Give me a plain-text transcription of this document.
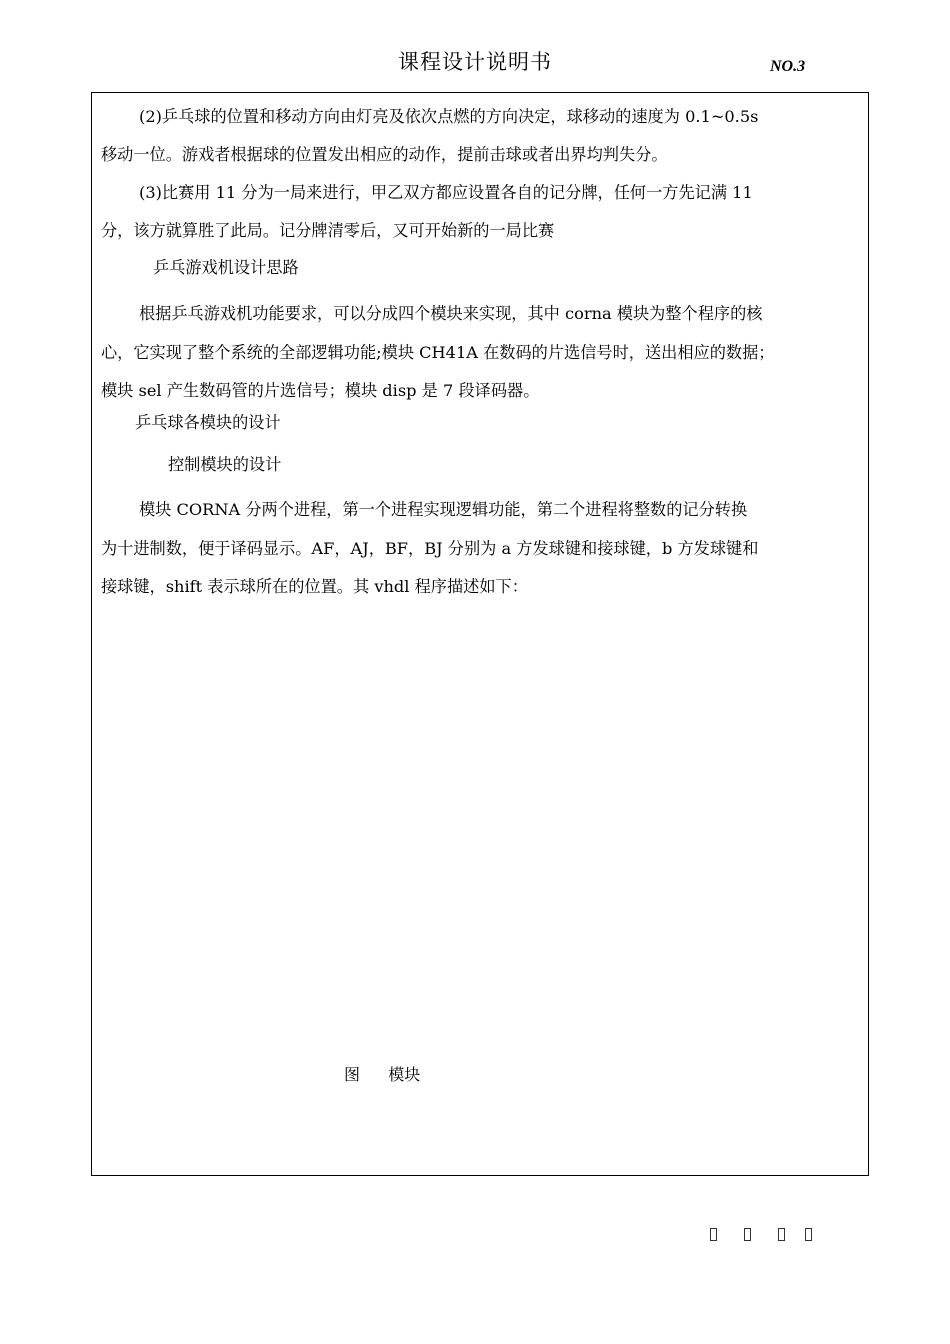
课程设计说明书	NO.3
(2)乒乓球的位置和移动方向由灯亮及依次点燃的方向决定，球移动的速度为 0.1~0.5s
移动一位。游戏者根据球的位置发出相应的动作，提前击球或者出界均判失分。
(3)比赛用 11 分为一局来进行，甲乙双方都应设置各自的记分牌，任何一方先记满 11
分，该方就算胜了此局。记分牌清零后，又可开始新的一局比赛
乒乓游戏机设计思路
根据乒乓游戏机功能要求，可以分成四个模块来实现，其中 corna 模块为整个程序的核
心，它实现了整个系统的全部逻辑功能;模块 CH41A 在数码的片选信号时，送出相应的数据；
模块 sel 产生数码管的片选信号；模块 disp 是 7 段译码器。
乒乓球各模块的设计
控制模块的设计
模块 CORNA 分两个进程，第一个进程实现逻辑功能，第二个进程将整数的记分转换
为十进制数，便于译码显示。AF，AJ，BF，BJ 分别为 a 方发球键和接球键，b 方发球键和
接球键，shift 表示球所在的位置。其 vhdl 程序描述如下：
图 模块
